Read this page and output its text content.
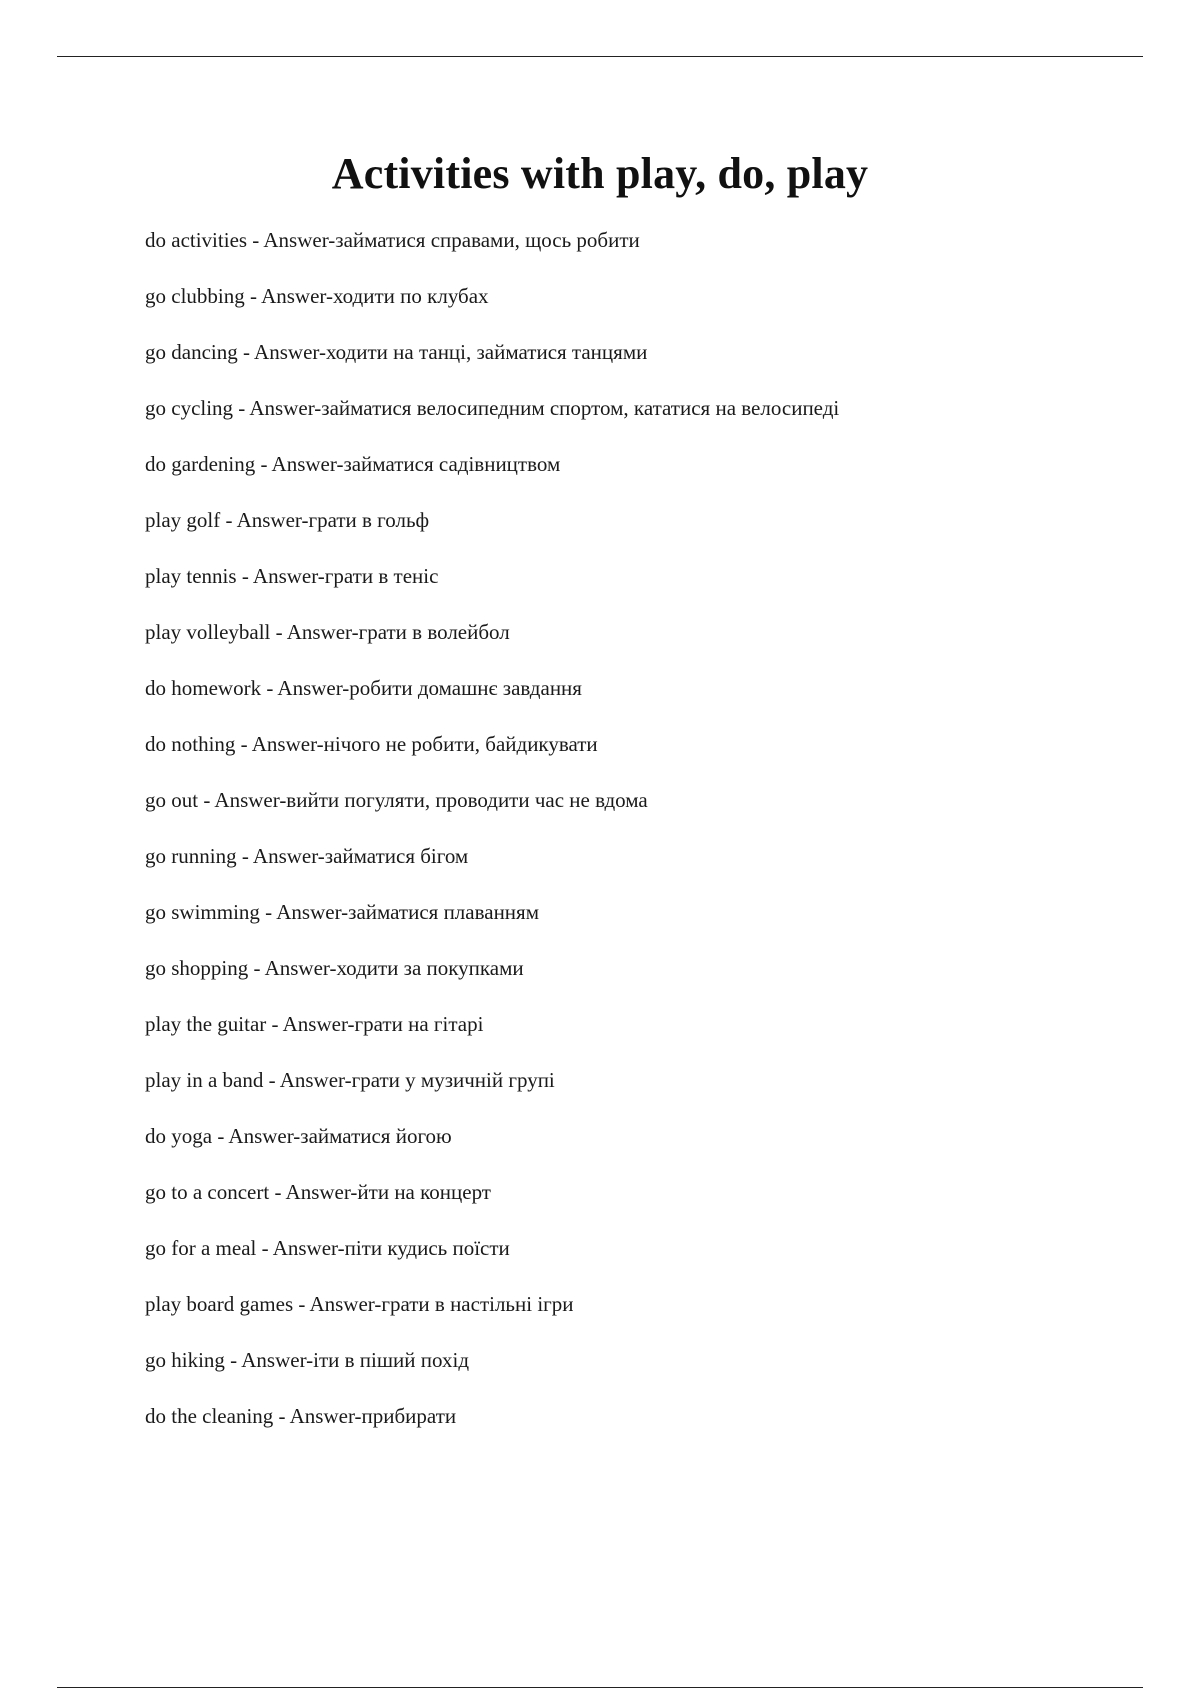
Activities with play, do, play
do activities - Answer-займатися справами, щось робити
go clubbing - Answer-ходити по клубах
go dancing - Answer-ходити на танці, займатися танцями
go cycling - Answer-займатися велосипедним спортом, кататися на велосипеді
do gardening - Answer-займатися садівництвом
play golf - Answer-грати в гольф
play tennis - Answer-грати в теніс
play volleyball - Answer-грати в волейбол
do homework - Answer-робити домашнє завдання
do nothing - Answer-нічого не робити, байдикувати
go out - Answer-вийти погуляти, проводити час не вдома
go running - Answer-займатися бігом
go swimming - Answer-займатися плаванням
go shopping - Answer-ходити за покупками
play the guitar - Answer-грати на гітарі
play in a band - Answer-грати у музичній групі
do yoga - Answer-займатися йогою
go to a concert - Answer-йти на концерт
go for a meal - Answer-піти кудись поїсти
play board games - Answer-грати в настільні ігри
go hiking - Answer-іти в піший похід
do the cleaning - Answer-прибирати
